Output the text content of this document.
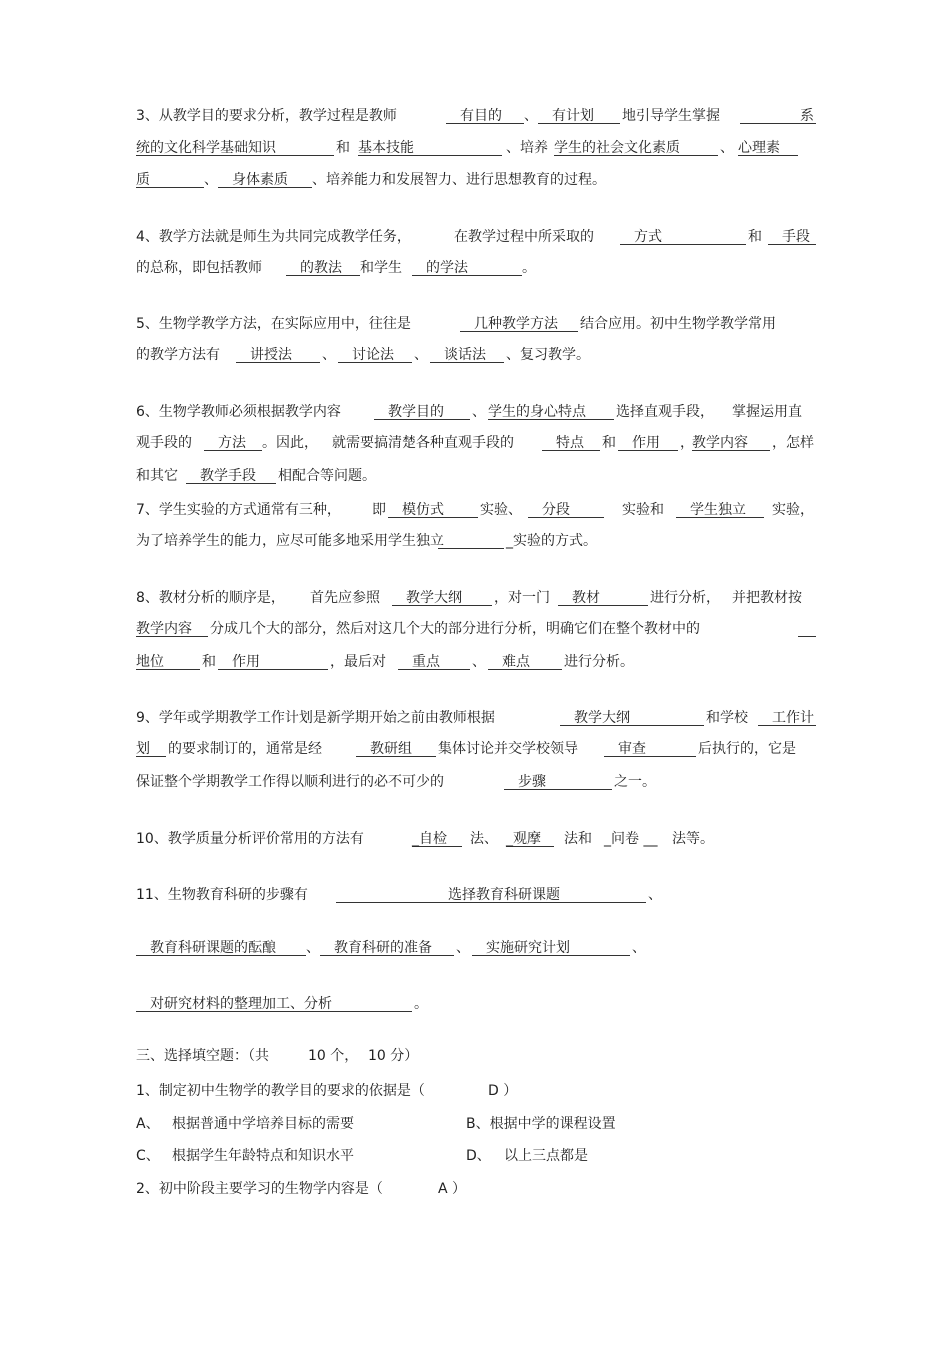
3、从教学目的要求分析，教学过程是教师	　有目的	、 　有计划	地引导学生掌握	系
统的文化科学基础知识	和 基本技能	、培养 学生的社会文化素质	、 心理素
质	、 　身体素质	、培养能力和发展智力、进行思想教育的过程。
4、教学方法就是师生为共同完成教学任务，	在教学过程中所采取的 　方式	和 　手段
的总称，即包括教师 　的教法	和学生 　的学法	。
5、生物学教学方法，在实际应用中，往往是	　几种教学方法	结合应用。初中生物学教学常用
的教学方法有 　讲授法	、 　讨论法	、 　谈话法	、复习教学。
6、生物学教师必须根据教学内容 　教学目的	、 学生的身心特点	选择直观手段， 掌握运用直
观手段的 　方法	。因此， 就需要搞清楚各种直观手段的 　特点	和 　作用	，
教学内容	，怎样
和其它 　教学手段	相配合等问题。
7、学生实验的方式通常有三种， 即 　模仿式	实验、 　分段	实验和 　学生独立	实验，
为了培养学生的能力，应尽可能多地采用学生独立	_实验的方式。
8、教材分析的顺序是， 首先应参照 　教学大纲	，对一门 　教材	进行分析， 并把教材按
教学内容	分成几个大的部分，然后对这几个大的部分进行分析，明确它们在整个教材中的
地位	和 　作用	，最后对 　重点	、 　难点	进行分析。
9、学年或学期教学工作计划是新学期开始之前由教师根据	　教学大纲	和学校 　工作计
划	的要求制订的，通常是经 　教研组	集体讨论并交学校领导 　审查	后执行的，它是
保证整个学期教学工作得以顺利进行的必不可少的	　步骤	之一。
10、教学质量分析评价常用的方法有	_自检	法、 _观摩	法和 _问卷 __ 法等。
11、生物教育科研的步骤有 　　　　　　　　选择教育科研课题	、
　教育科研课题的酝酿	、 　教育科研的准备	、 　实施研究计划	、
　对研究材料的整理加工、分析	。
三、选择填空题：（共	10 个， 10 分）
1、制定初中生物学的教学目的要求的依据是（	D ）
A、 根据普通中学培养目标的需要	B、根据中学的课程设置
C、 根据学生年龄特点和知识水平	D、 以上三点都是
2、初中阶段主要学习的生物学内容是（	A ）
